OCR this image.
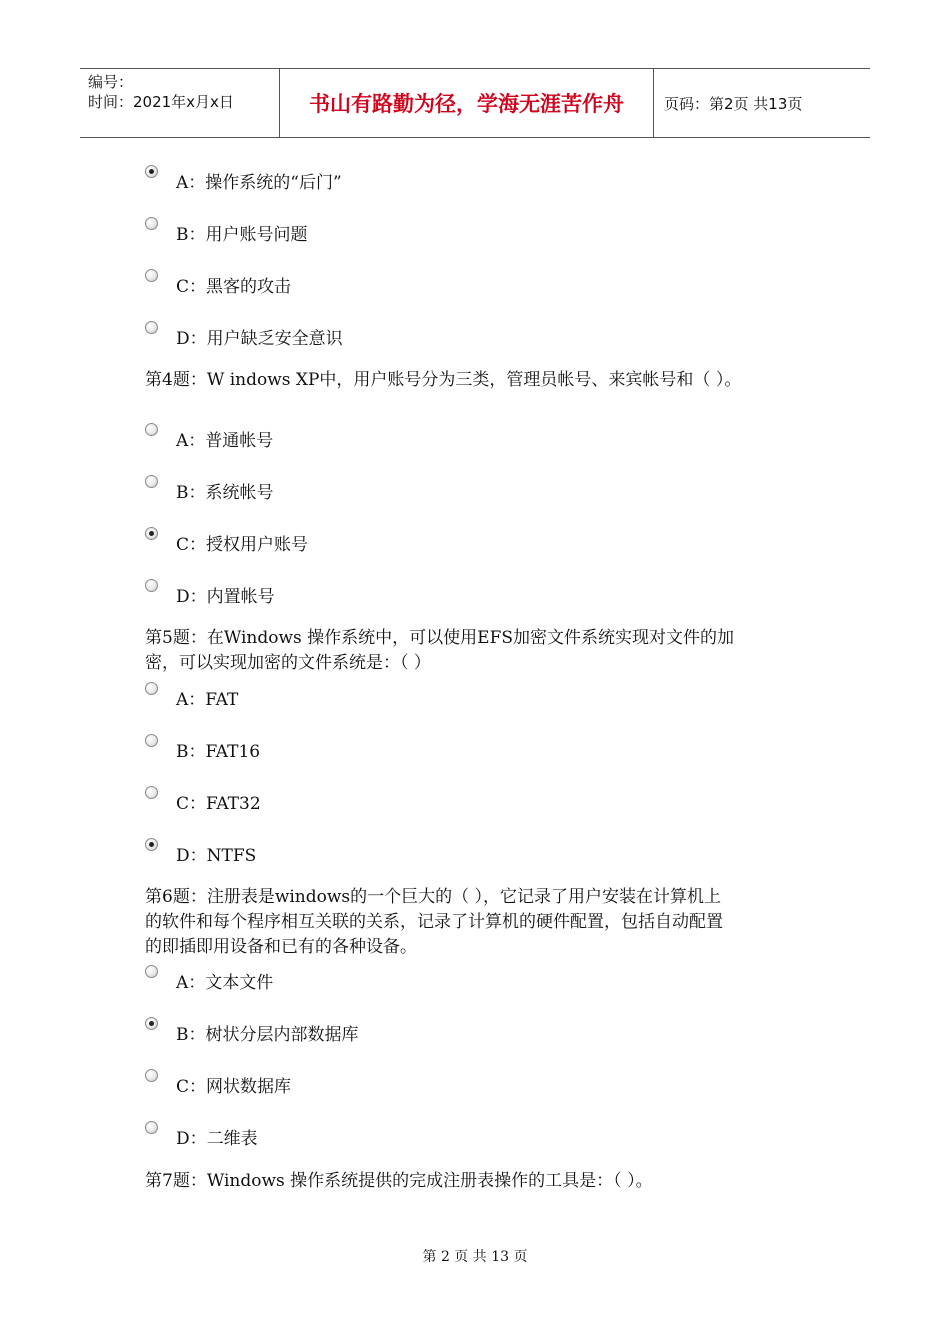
编号：
时间：2021年x月x日	书山有路勤为径，学海无涯苦作舟	页码：第2页 共13页
A：操作系统的“后门”
B：用户账号问题
C：黑客的攻击
D：用户缺乏安全意识
第4题：W indows XP中，用户账号分为三类，管理员帐号、来宾帐号和（ ）。
A：普通帐号
B：系统帐号
C：授权用户账号
D：内置帐号
第5题：在Windows 操作系统中，可以使用EFS加密文件系统实现对文件的加
密，可以实现加密的文件系统是：（ ）
A：FAT
B：FAT16
C：FAT32
D：NTFS
第6题：注册表是windows的一个巨大的（ ），它记录了用户安装在计算机上
的软件和每个程序相互关联的关系，记录了计算机的硬件配置，包括自动配置
的即插即用设备和已有的各种设备。
A：文本文件
B：树状分层内部数据库
C：网状数据库
D：二维表
第7题：Windows 操作系统提供的完成注册表操作的工具是：（ ）。
第 2 页 共 13 页
